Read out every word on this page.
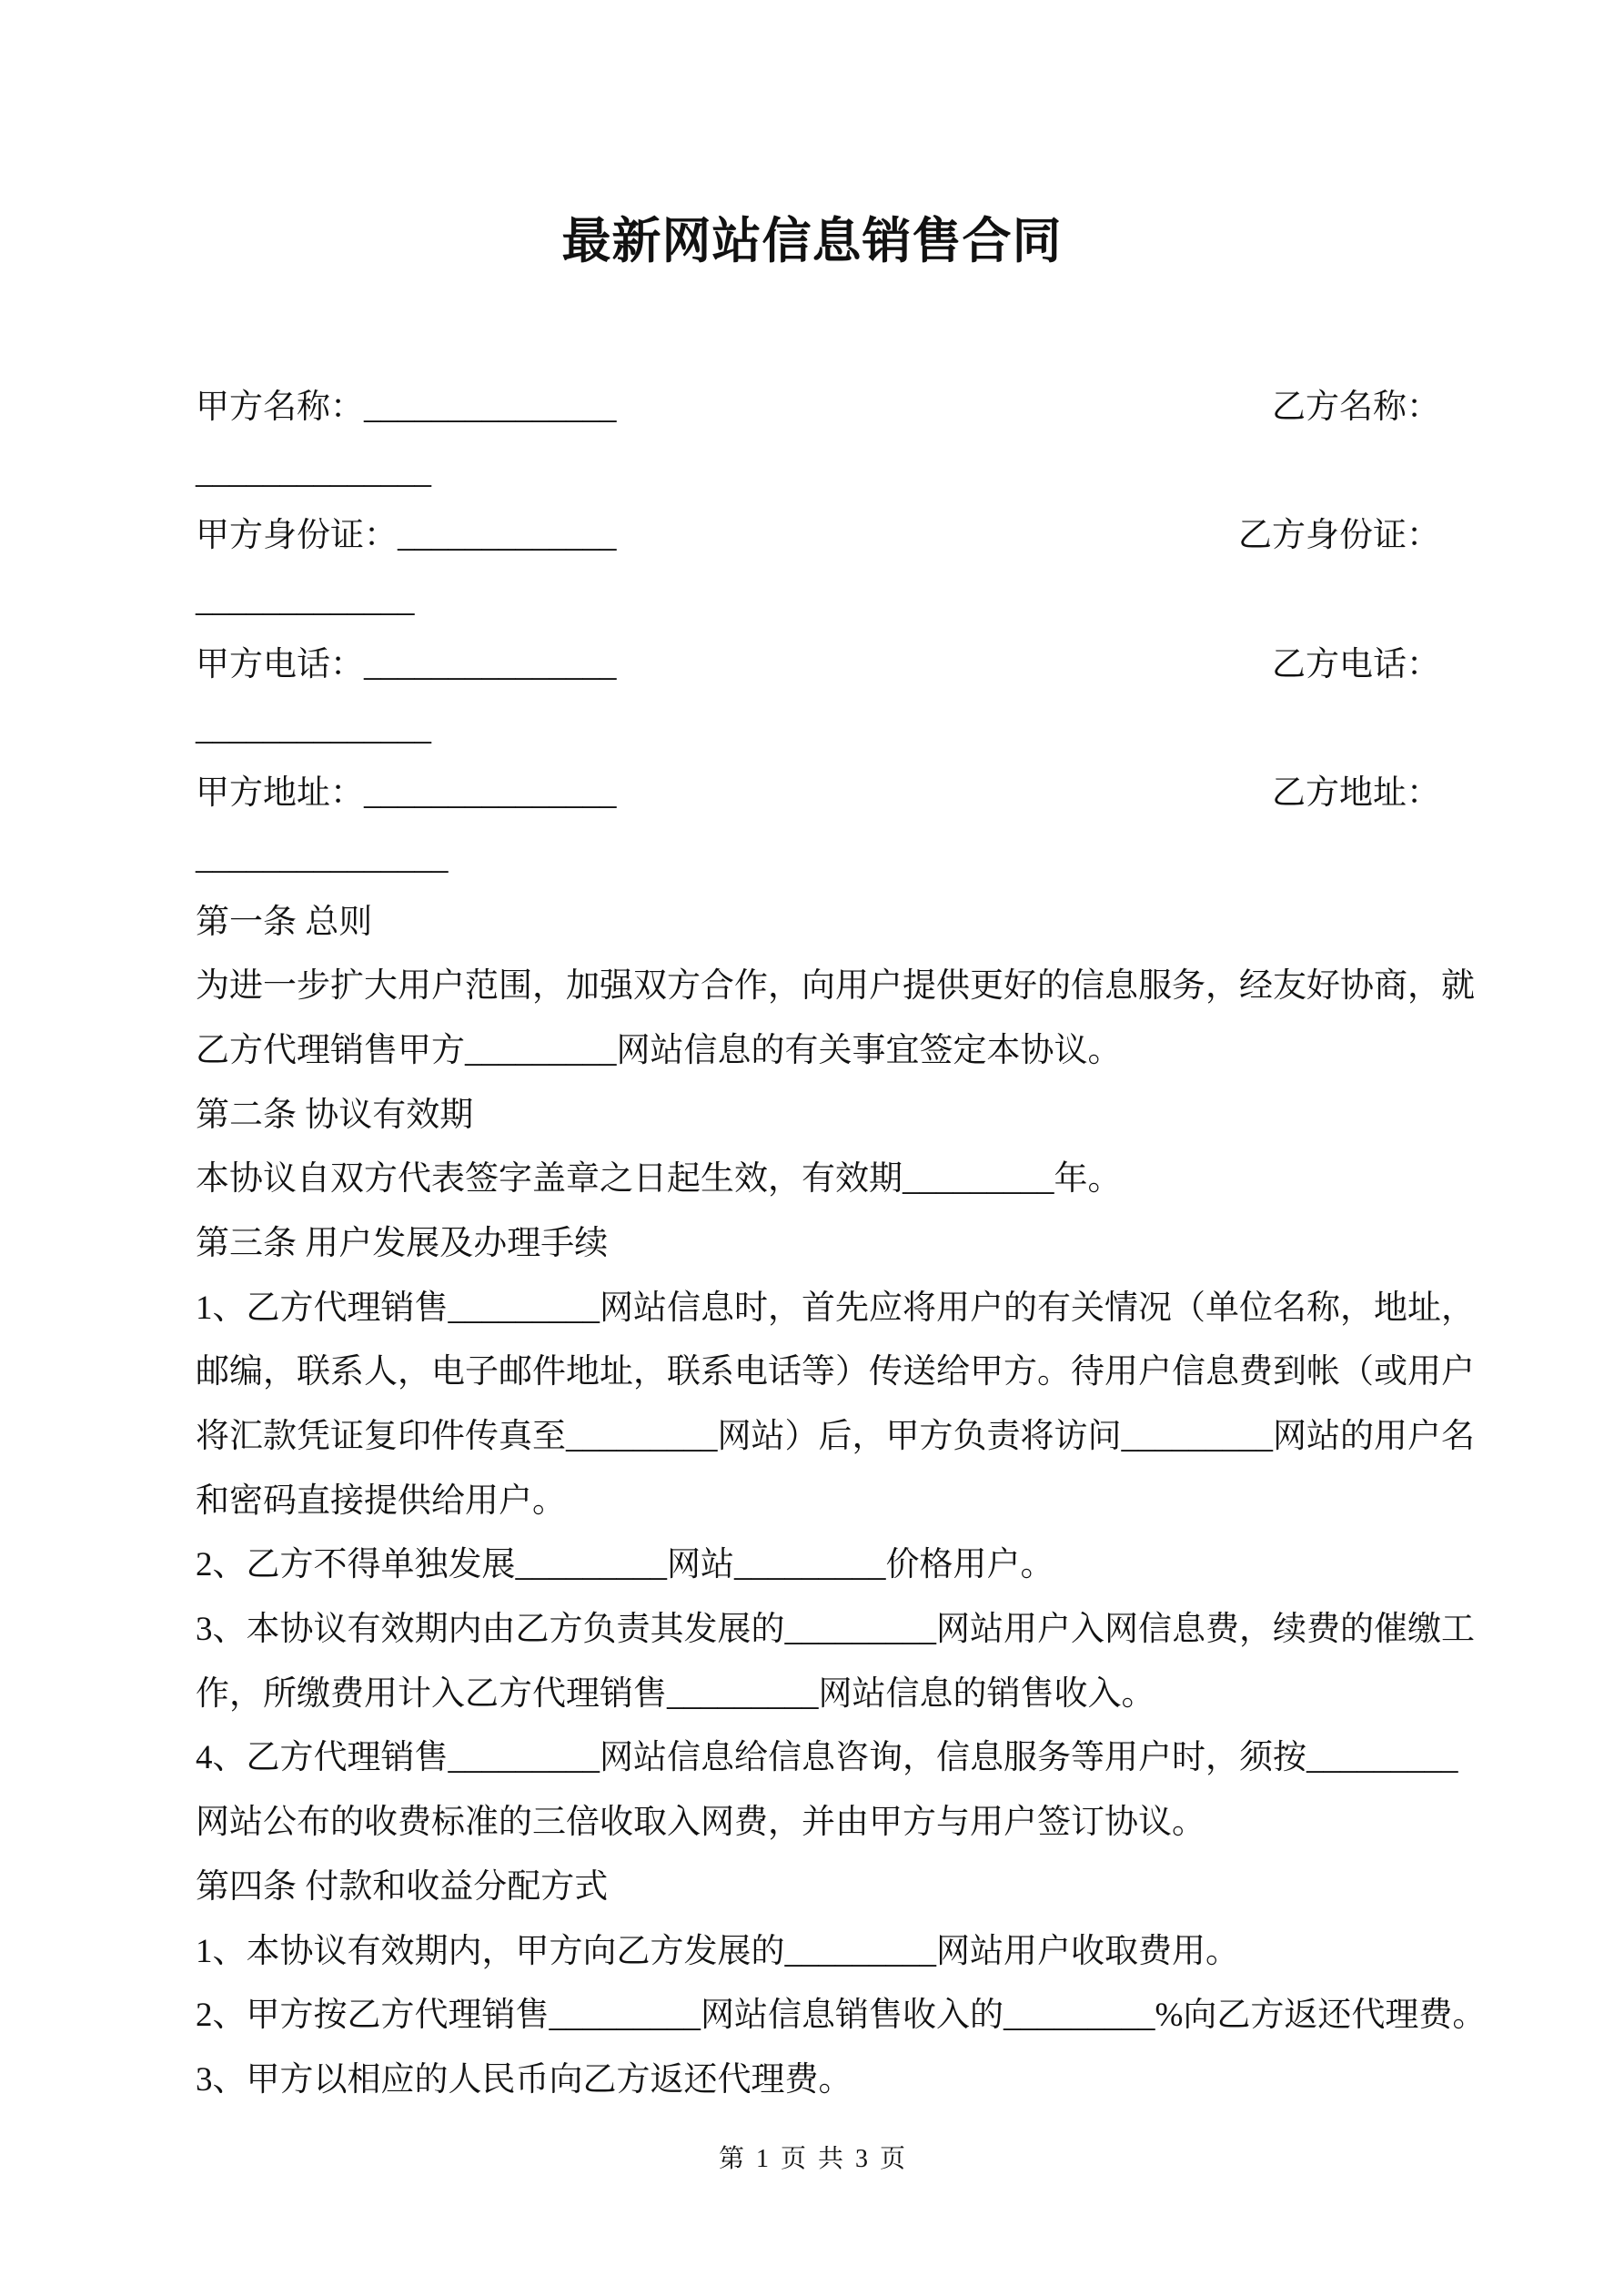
最新网站信息销售合同
甲方名称：_______________	乙方名称：
______________
甲方身份证：_____________	乙方身份证：
_____________
甲方电话：_______________	乙方电话：
______________
甲方地址：_______________	乙方地址：
_______________
第一条 总则
为进一步扩大用户范围，加强双方合作，向用户提供更好的信息服务，经友好协商，就
乙方代理销售甲方_________网站信息的有关事宜签定本协议。
第二条 协议有效期
本协议自双方代表签字盖章之日起生效，有效期_________年。
第三条 用户发展及办理手续
1、乙方代理销售_________网站信息时，首先应将用户的有关情况（单位名称，地址，
邮编，联系人，电子邮件地址，联系电话等）传送给甲方。待用户信息费到帐（或用户
将汇款凭证复印件传真至_________网站）后，甲方负责将访问_________网站的用户名
和密码直接提供给用户。
2、乙方不得单独发展_________网站_________价格用户。
3、本协议有效期内由乙方负责其发展的_________网站用户入网信息费，续费的催缴工
作，所缴费用计入乙方代理销售_________网站信息的销售收入。
4、乙方代理销售_________网站信息给信息咨询，信息服务等用户时，须按_________
网站公布的收费标准的三倍收取入网费，并由甲方与用户签订协议。
第四条 付款和收益分配方式
1、本协议有效期内，甲方向乙方发展的_________网站用户收取费用。
2、甲方按乙方代理销售_________网站信息销售收入的_________%向乙方返还代理费。
3、甲方以相应的人民币向乙方返还代理费。
第 1 页 共 3 页
